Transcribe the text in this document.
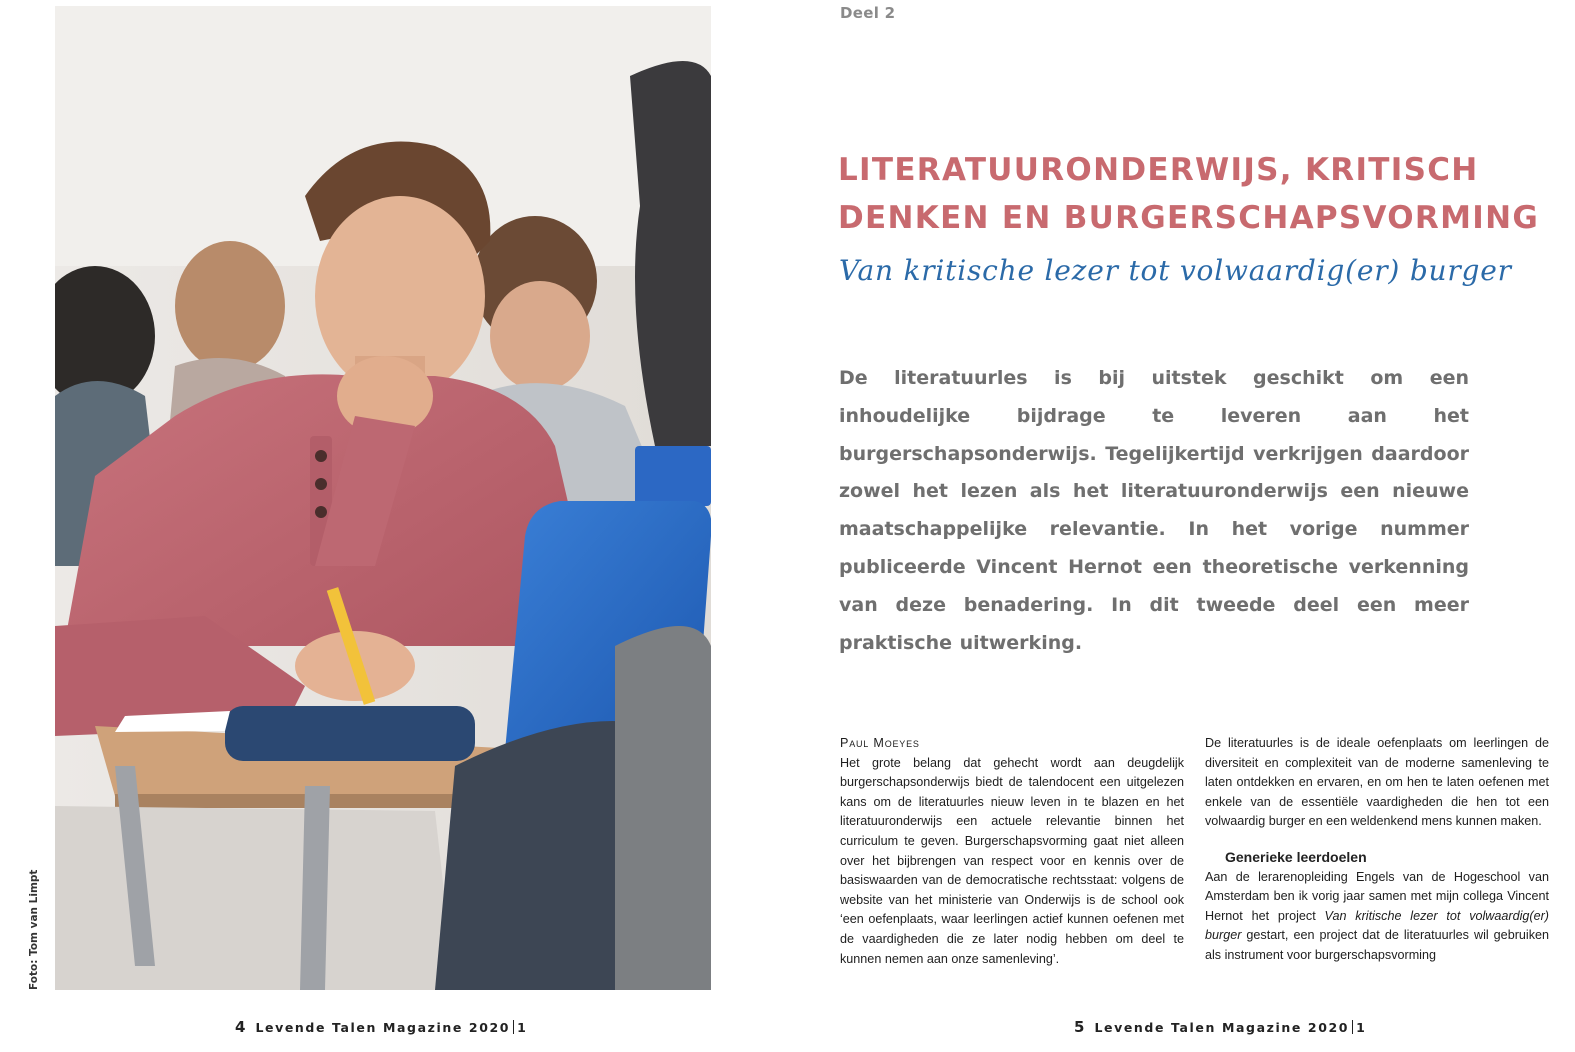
Foto: Tom van Limpt
4 Levende Talen Magazine 2020 1
Deel 2
LITERATUURONDERWIJS, KRITISCH
DENKEN EN BURGERSCHAPSVORMING
Van kritische lezer tot volwaardig(er) burger

De literatuurles is bij uitstek geschikt om een inhoudelijke bijdrage te leveren aan het burgerschapsonderwijs. Tegelijkertijd verkrijgen daardoor zowel het lezen als het literatuuronderwijs een nieuwe maatschappelijke relevantie. In het vorige nummer publiceerde Vincent Hernot een theoretische verkenning van deze benadering. In dit tweede deel een meer praktische uitwerking.

Paul Moeyes

Het grote belang dat gehecht wordt aan deugdelijk burgerschapsonderwijs biedt de talendocent een uitgelezen kans om de literatuurles nieuw leven in te blazen en het literatuuronderwijs een actuele relevantie binnen het curriculum te geven. Burgerschapsvorming gaat niet alleen over het bijbrengen van respect voor en kennis over de basiswaarden van de democratische rechtsstaat: volgens de website van het ministerie van Onderwijs is de school ook ‘een oefenplaats, waar leerlingen actief kunnen oefenen met de vaardigheden die ze later nodig hebben om deel te kunnen nemen aan onze samenleving’.

De literatuurles is de ideale oefenplaats om leerlingen de diversiteit en complexiteit van de moderne samenleving te laten ontdekken en ervaren, en om hen te laten oefenen met enkele van de essentiële vaardigheden die hen tot een volwaardig burger en een weldenkend mens kunnen maken.

Generieke leerdoelen

Aan de lerarenopleiding Engels van de Hogeschool van Amsterdam ben ik vorig jaar samen met mijn collega Vincent Hernot het project Van kritische lezer tot volwaardig(er) burger gestart, een project dat de literatuurles wil gebruiken als instrument voor burgerschapsvorming

5 Levende Talen Magazine 2020 1
